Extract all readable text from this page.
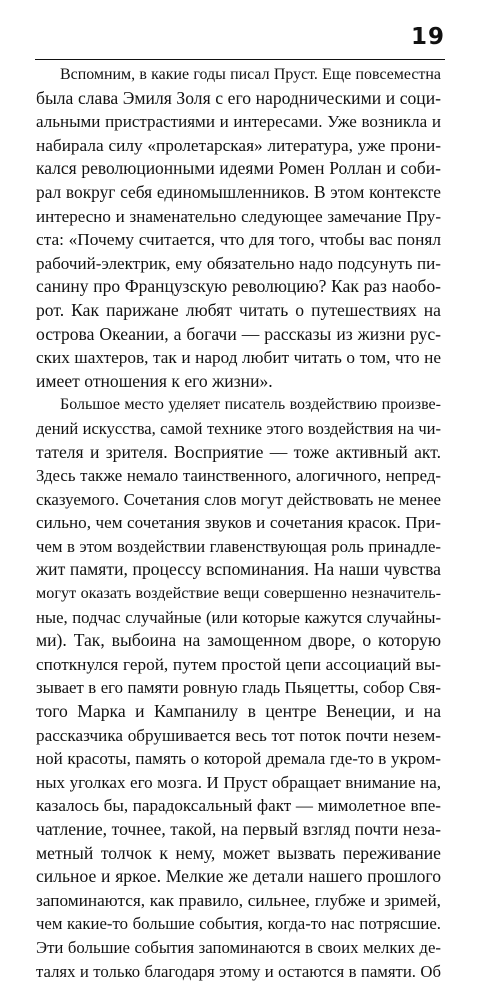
19
Вспомним, в какие годы писал Пруст. Еще повсеместна
была слава Эмиля Золя с его народническими и соци-
альными пристрастиями и интересами. Уже возникла и
набирала силу «пролетарская» литература, уже прони-
кался революционными идеями Ромен Роллан и соби-
рал вокруг себя единомышленников. В этом контексте
интересно и знаменательно следующее замечание Пру-
ста: «Почему считается, что для того, чтобы вас понял
рабочий-электрик, ему обязательно надо подсунуть пи-
санину про Французскую революцию? Как раз наобо-
рот. Как парижане любят читать о путешествиях на
острова Океании, а богачи — рассказы из жизни рус-
ских шахтеров, так и народ любит читать о том, что не
имеет отношения к его жизни».
Большое место уделяет писатель воздействию произве-
дений искусства, самой технике этого воздействия на чи-
тателя и зрителя. Восприятие — тоже активный акт.
Здесь также немало таинственного, алогичного, непред-
сказуемого. Сочетания слов могут действовать не менее
сильно, чем сочетания звуков и сочетания красок. При-
чем в этом воздействии главенствующая роль принадле-
жит памяти, процессу вспоминания. На наши чувства
могут оказать воздействие вещи совершенно незначитель-
ные, подчас случайные (или которые кажутся случайны-
ми). Так, выбоина на замощенном дворе, о которую
споткнулся герой, путем простой цепи ассоциаций вы-
зывает в его памяти ровную гладь Пьяцетты, собор Свя-
того Марка и Кампанилу в центре Венеции, и на
рассказчика обрушивается весь тот поток почти незем-
ной красоты, память о которой дремала где-то в укром-
ных уголках его мозга. И Пруст обращает внимание на,
казалось бы, парадоксальный факт — мимолетное впе-
чатление, точнее, такой, на первый взгляд почти неза-
метный толчок к нему, может вызвать переживание
сильное и яркое. Мелкие же детали нашего прошлого
запоминаются, как правило, сильнее, глубже и зримей,
чем какие-то большие события, когда-то нас потрясшие.
Эти большие события запоминаются в своих мелких де-
талях и только благодаря этому и остаются в памяти. Об
